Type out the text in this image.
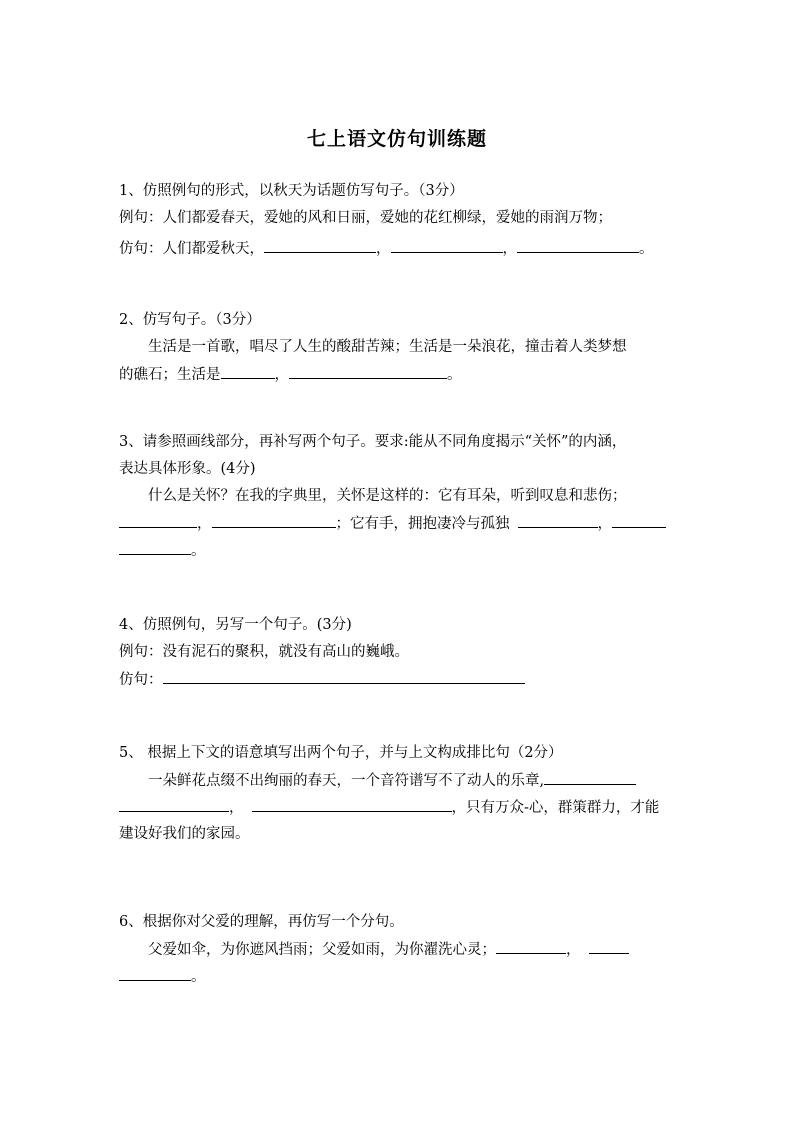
七上语文仿句训练题
1、仿照例句的形式，以秋天为话题仿写句子。（3分）
例句：人们都爱春天，爱她的风和日丽，爱她的花红柳绿，爱她的雨润万物；
仿句：人们都爱秋天，	，	，	。
2、仿写句子。（3分）
生活是一首歌，唱尽了人生的酸甜苦辣；生活是一朵浪花，撞击着人类梦想
的礁石；生活是	，	。
3、请参照画线部分，再补写两个句子。要求:能从不同角度揭示“关怀”的内涵，
表达具体形象。(4分)
什么是关怀？在我的字典里，关怀是这样的：它有耳朵，听到叹息和悲伤；
，	；它有手，拥抱凄冷与孤独	，
。
4、仿照例句，另写一个句子。(3分)
例句：没有泥石的聚积，就没有高山的巍峨。
仿句：
5、 根据上下文的语意填写出两个句子，并与上文构成排比句（2分）
一朵鲜花点缀不出绚丽的春天，一个音符谱写不了动人的乐章,
，	，只有万众-心，群策群力，才能
建设好我们的家园。
6、根据你对父爱的理解，再仿写一个分句。
父爱如伞，为你遮风挡雨；父爱如雨，为你濯洗心灵；	，
。
